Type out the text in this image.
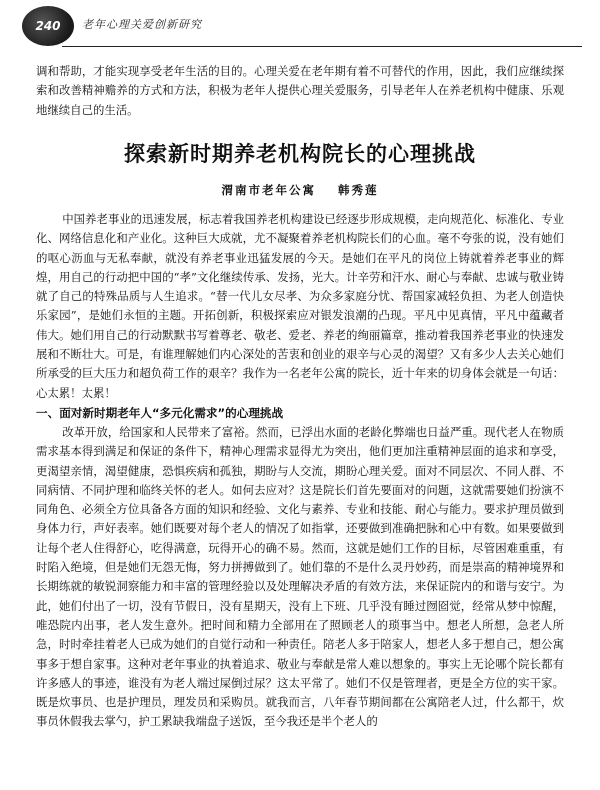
240 老年心理关爱创新研究

调和帮助，才能实现享受老年生活的目的。心理关爱在老年期有着不可替代的作用，因此，我们应继续探索和改善精神赡养的方式和方法，积极为老年人提供心理关爱服务，引导老年人在养老机构中健康、乐观地继续自己的生活。

探索新时期养老机构院长的心理挑战
渭南市老年公寓 韩秀莲

中国养老事业的迅速发展，标志着我国养老机构建设已经逐步形成规模，走向规范化、标准化、专业化、网络信息化和产业化。这种巨大成就，尤不凝聚着养老机构院长们的心血。毫不夸张的说，没有她们的呕心沥血与无私奉献，就没有养老事业迅猛发展的今天。是她们在平凡的岗位上铸就着养老事业的辉煌，用自己的行动把中国的“孝”文化继续传承、发扬，光大。计辛劳和汗水、耐心与奉献、忠诚与敬业铸就了自己的特殊品质与人生追求。“替一代儿女尽孝、为众多家庭分忧、帮国家减轻负担、为老人创造快乐家园”，是她们永恒的主题。开拓创新，积极探索应对银发浪潮的凸现。平凡中见真情，平凡中蕴藏者伟大。她们用自己的行动默默书写着尊老、敬老、爱老、养老的绚丽篇章，推动着我国养老事业的快速发展和不断壮大。可是，有谁理解她们内心深处的苦衷和创业的艰辛与心灵的渴望？又有多少人去关心她们所承受的巨大压力和超负荷工作的艰辛？我作为一名老年公寓的院长，近十年来的切身体会就是一句话：心太累！太累！

一、面对新时期老年人“多元化需求”的心理挑战

改革开放，给国家和人民带来了富裕。然而，已浮出水面的老龄化弊端也日益严重。现代老人在物质需求基本得到满足和保证的条件下，精神心理需求显得尤为突出，他们更加注重精神层面的追求和享受，更渴望亲情，渴望健康，恐惧疾病和孤独，期盼与人交流，期盼心理关爱。面对不同层次、不同人群、不同病情、不同护理和临终关怀的老人。如何去应对？这是院长们首先要面对的问题，这就需要她们扮演不同角色、必须全方位具备各方面的知识和经验、文化与素养、专业和技能、耐心与能力。要求护理员做到身体力行，声好表率。她们既要对每个老人的情况了如指掌，还要做到准确把脉和心中有数。如果要做到让每个老人住得舒心，吃得满意，玩得开心的确不易。然而，这就是她们工作的目标，尽管困难重重，有时陷入绝境，但是她们无怨无悔，努力拼搏做到了。她们靠的不是什么灵丹妙药，而是崇高的精神境界和长期练就的敏锐洞察能力和丰富的管理经验以及处理解决矛盾的有效方法，来保证院内的和谐与安宁。为此，她们付出了一切，没有节假日，没有星期天，没有上下班、几乎没有睡过囫囵觉，经常从梦中惊醒，唯恐院内出事，老人发生意外。把时间和精力全部用在了照顾老人的琐事当中。想老人所想，急老人所急，时时牵挂着老人已成为她们的自觉行动和一种责任。陪老人多于陪家人，想老人多于想自己，想公寓事多于想自家事。这种对老年事业的执着追求、敬业与奉献是常人难以想象的。事实上无论哪个院长都有许多感人的事迹，谁没有为老人端过屎倒过尿？这太平常了。她们不仅是管理者，更是全方位的实干家。既是炊事员、也是护理员，理发员和采购员。就我而言，八年春节期间都在公寓陪老人过，什么都干，炊事员休假我去掌勺，护工累缺我端盘子送饭，至今我还是半个老人的
